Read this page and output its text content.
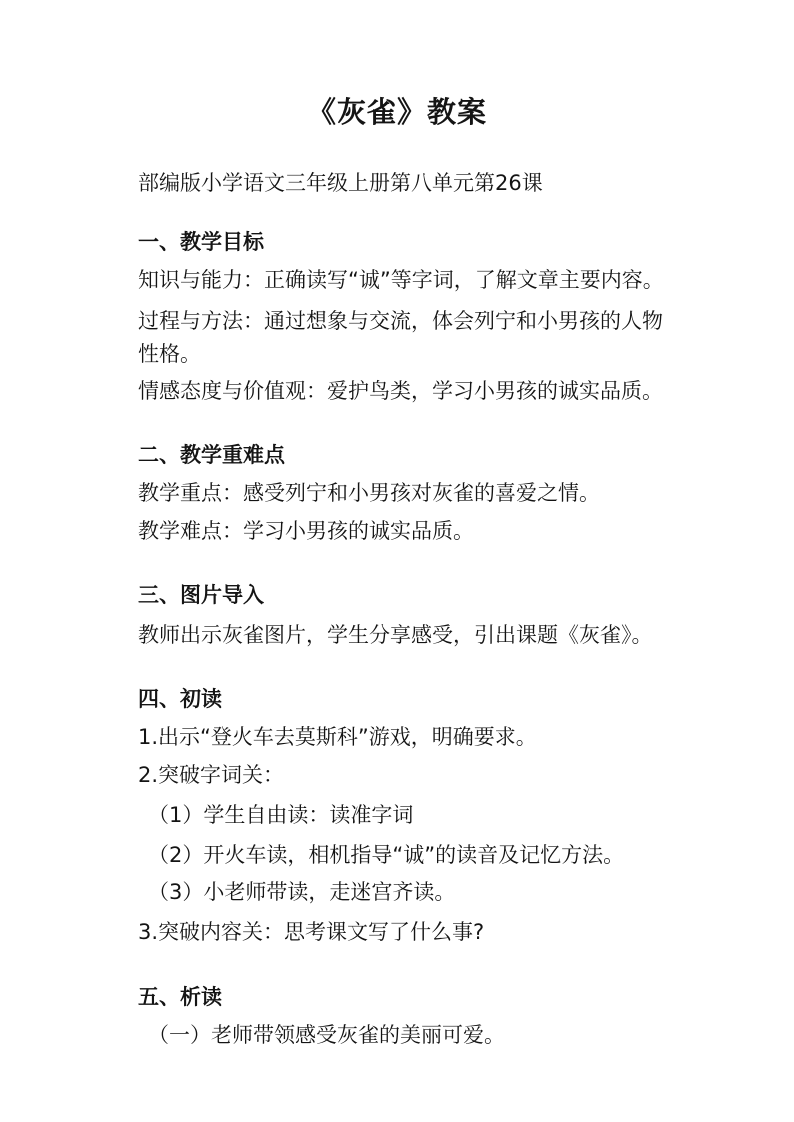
《灰雀》教案
部编版小学语文三年级上册第八单元第26课
一、教学目标
知识与能力：正确读写“诚”等字词，了解文章主要内容。
过程与方法：通过想象与交流，体会列宁和小男孩的人物
性格。
情感态度与价值观：爱护鸟类，学习小男孩的诚实品质。
二、教学重难点
教学重点：感受列宁和小男孩对灰雀的喜爱之情。
教学难点：学习小男孩的诚实品质。
三、图片导入
教师出示灰雀图片，学生分享感受，引出课题《灰雀》。
四、初读
1.出示“登火车去莫斯科”游戏，明确要求。
2.突破字词关：
（1）学生自由读：读准字词
（2）开火车读，相机指导“诚”的读音及记忆方法。
（3）小老师带读，走迷宫齐读。
3.突破内容关：思考课文写了什么事?
五、析读
（一）老师带领感受灰雀的美丽可爱。
